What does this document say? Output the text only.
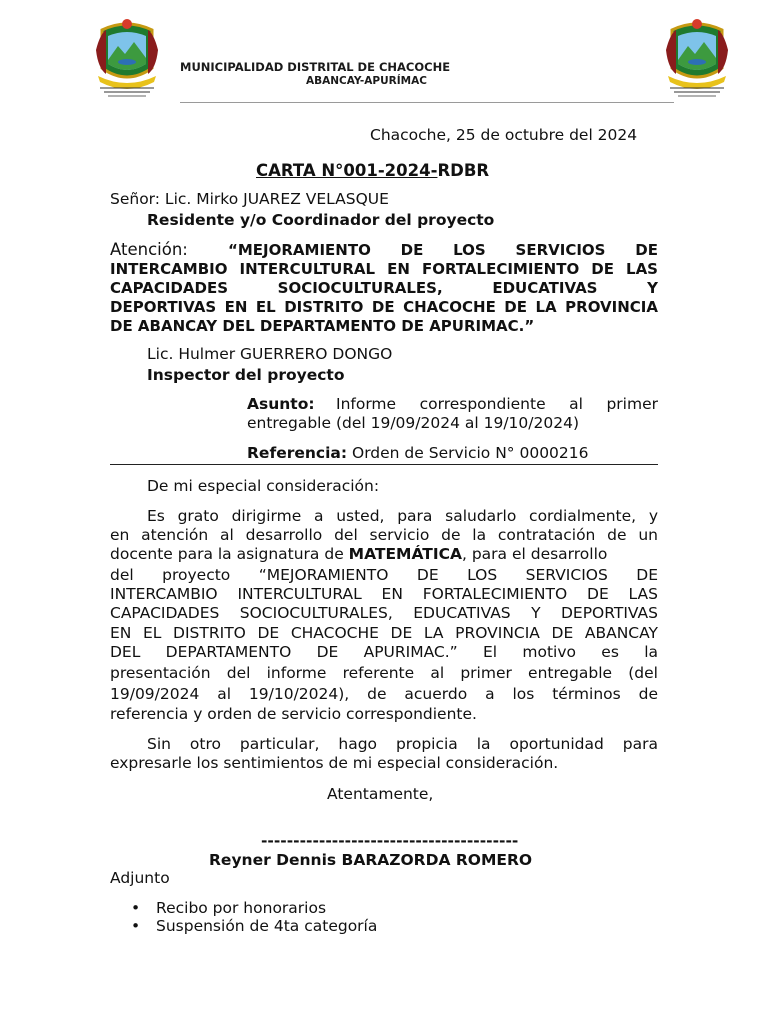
MUNICIPALIDAD DISTRITAL DE CHACOCHE
ABANCAY-APURÍMAC
Chacoche, 25 de octubre del 2024
CARTA N°001-2024-RDBR
Señor: Lic. Mirko JUAREZ VELASQUE
Residente y/o Coordinador del proyecto
Atención:	“MEJORAMIENTO DE LOS SERVICIOS DE
INTERCAMBIO INTERCULTURAL EN FORTALECIMIENTO DE LAS
CAPACIDADES SOCIOCULTURALES, EDUCATIVAS Y
DEPORTIVAS EN EL DISTRITO DE CHACOCHE DE LA PROVINCIA
DE ABANCAY DEL DEPARTAMENTO DE APURIMAC.”
Lic. Hulmer GUERRERO DONGO
Inspector del proyecto
Asunto: Informe correspondiente al primer
entregable (del 19/09/2024 al 19/10/2024)
Referencia: Orden de Servicio N° 0000216
De mi especial consideración:
Es grato dirigirme a usted, para saludarlo cordialmente, y
en atención al desarrollo del servicio de la contratación de un
docente para la asignatura de MATEMÁTICA, para el desarrollo
del proyecto “MEJORAMIENTO DE LOS SERVICIOS DE
INTERCAMBIO INTERCULTURAL EN FORTALECIMIENTO DE LAS
CAPACIDADES SOCIOCULTURALES, EDUCATIVAS Y DEPORTIVAS
EN EL DISTRITO DE CHACOCHE DE LA PROVINCIA DE ABANCAY
DEL DEPARTAMENTO DE APURIMAC.” El motivo es la
presentación del informe referente al primer entregable (del
19/09/2024 al 19/10/2024), de acuerdo a los términos de
referencia y orden de servicio correspondiente.
Sin otro particular, hago propicia la oportunidad para
expresarle los sentimientos de mi especial consideración.
Atentamente,
----------------------------------------
Reyner Dennis BARAZORDA ROMERO
Adjunto
• Recibo por honorarios
• Suspensión de 4ta categoría
